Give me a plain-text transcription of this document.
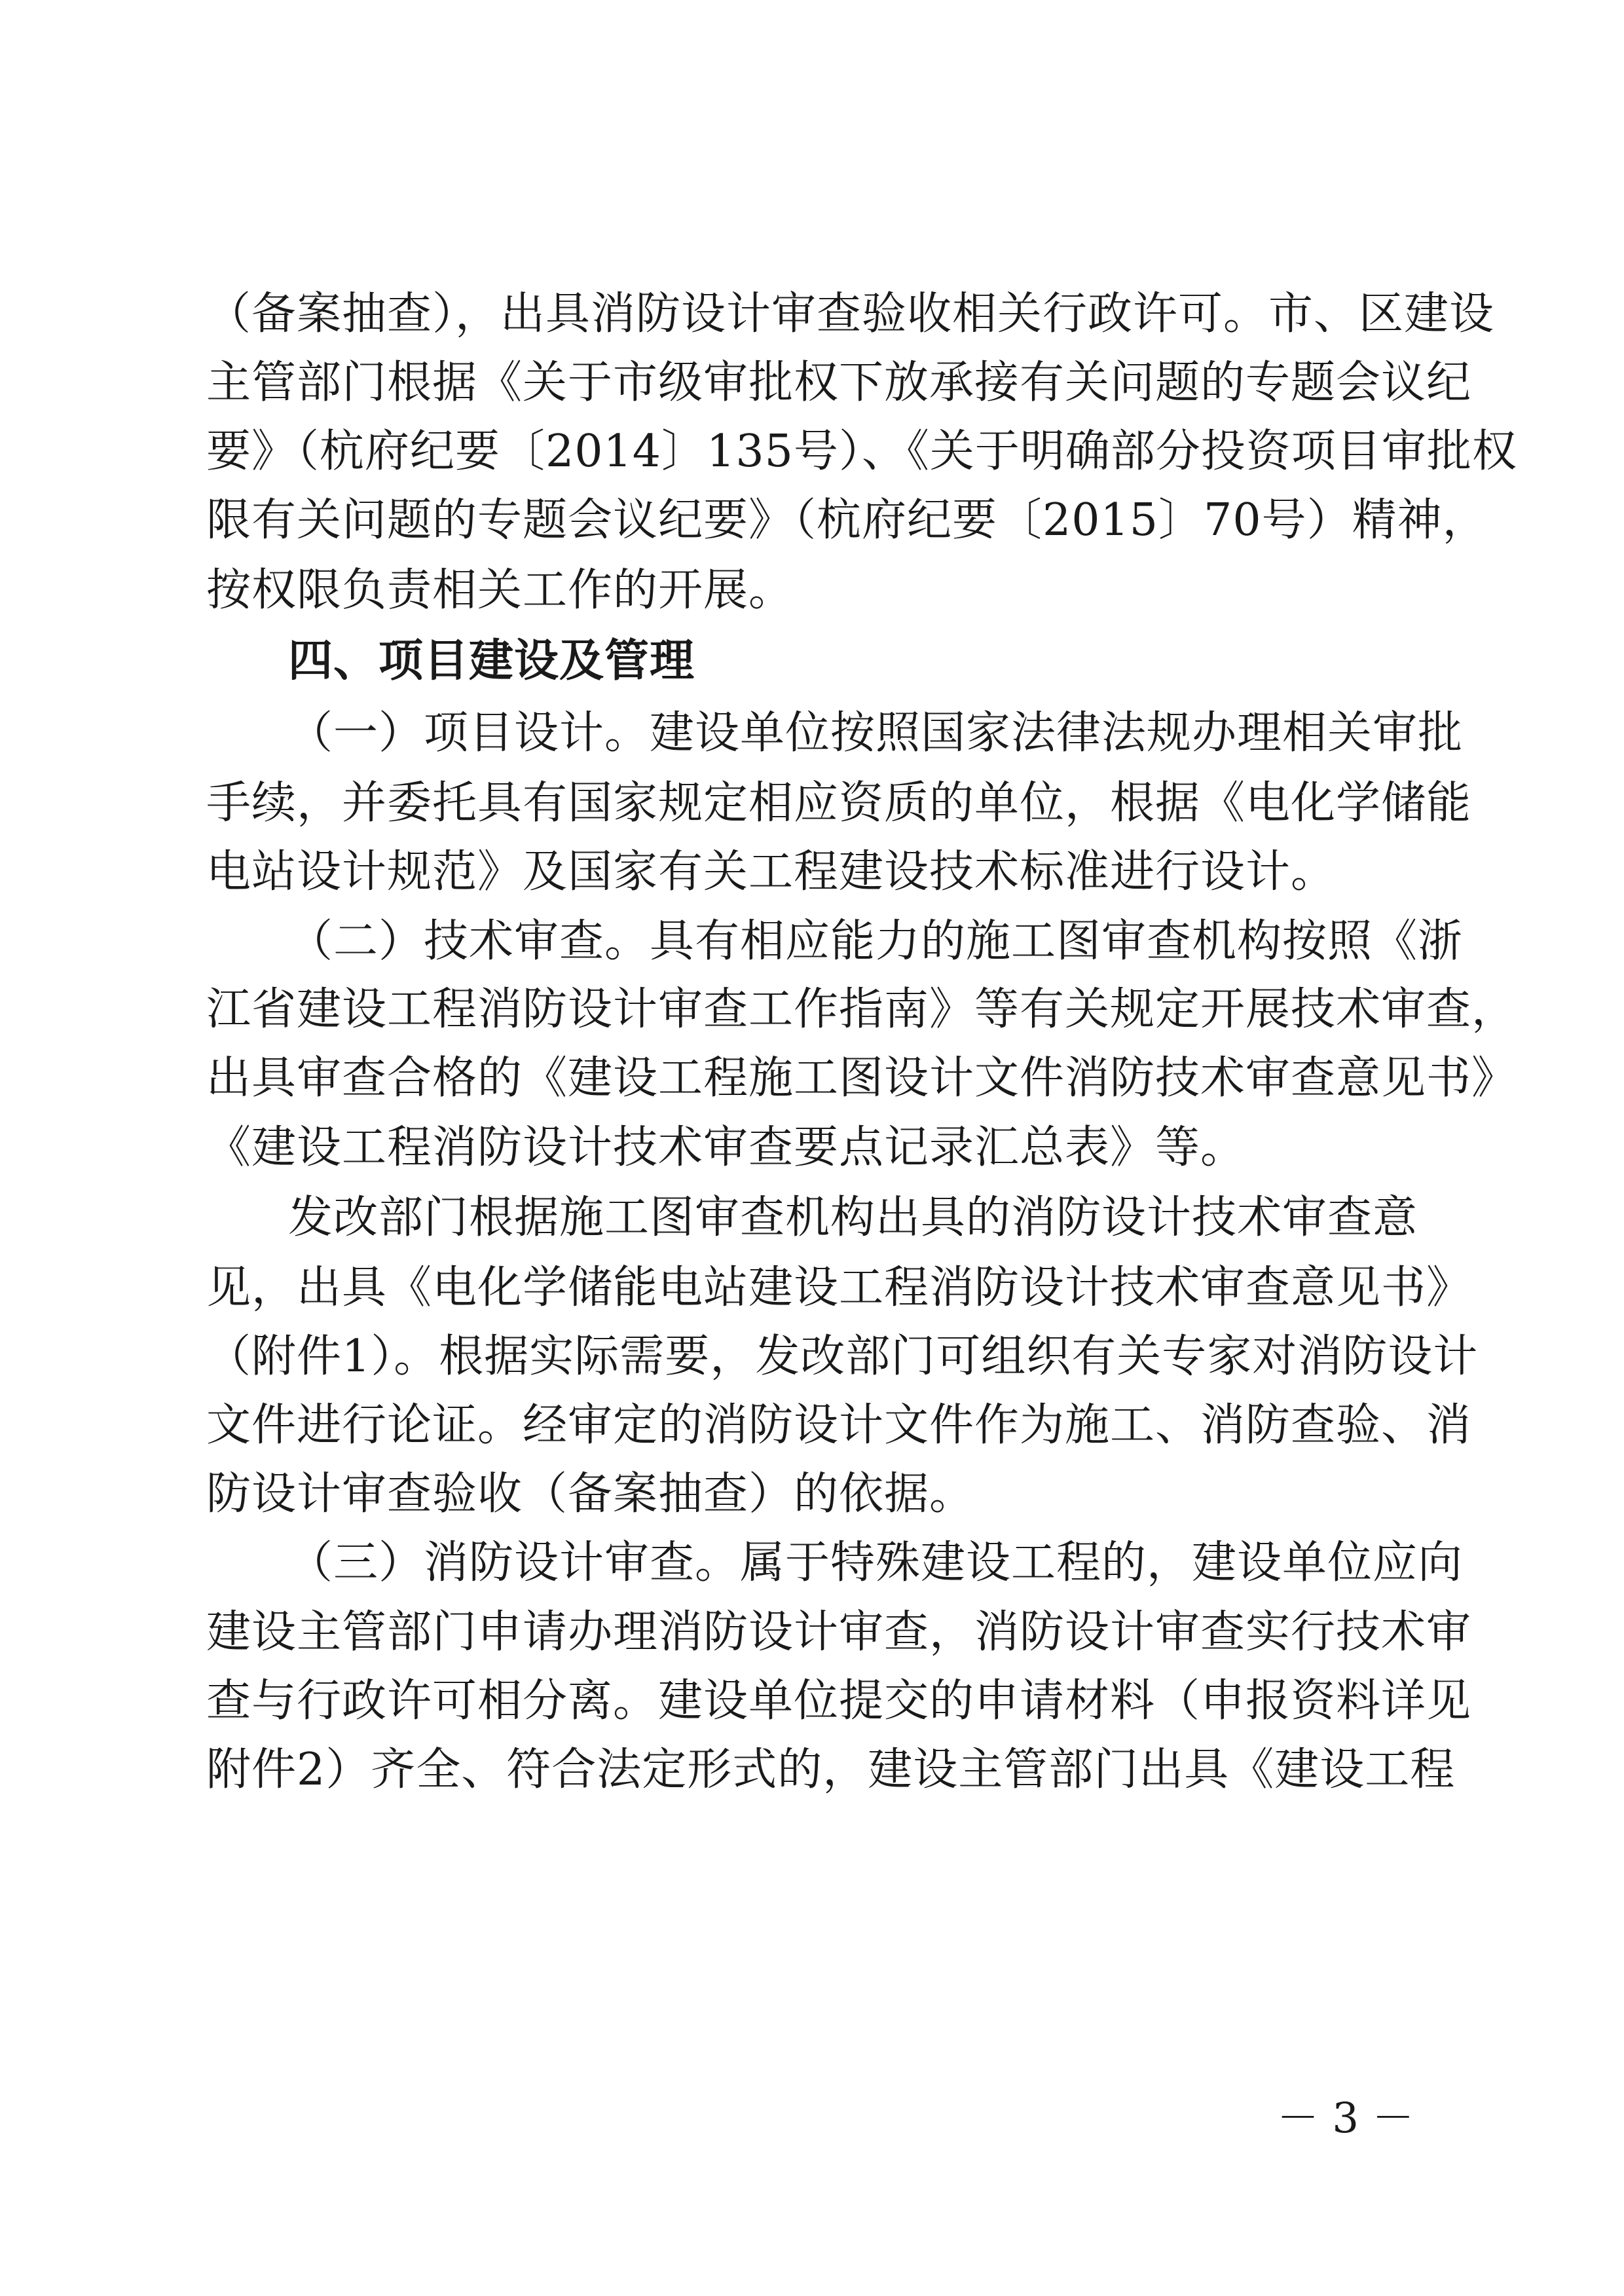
（备案抽查），出具消防设计审查验收相关行政许可。市、区建设
主管部门根据《关于市级审批权下放承接有关问题的专题会议纪
要》（杭府纪要〔2014〕135号）、《关于明确部分投资项目审批权
限有关问题的专题会议纪要》（杭府纪要〔2015〕70号）精神，
按权限负责相关工作的开展。
四、项目建设及管理
（一）项目设计。建设单位按照国家法律法规办理相关审批
手续，并委托具有国家规定相应资质的单位，根据《电化学储能
电站设计规范》及国家有关工程建设技术标准进行设计。
（二）技术审查。具有相应能力的施工图审查机构按照《浙
江省建设工程消防设计审查工作指南》等有关规定开展技术审查，
出具审查合格的《建设工程施工图设计文件消防技术审查意见书》
《建设工程消防设计技术审查要点记录汇总表》等。
发改部门根据施工图审查机构出具的消防设计技术审查意
见，出具《电化学储能电站建设工程消防设计技术审查意见书》
（附件1）。根据实际需要，发改部门可组织有关专家对消防设计
文件进行论证。经审定的消防设计文件作为施工、消防查验、消
防设计审查验收（备案抽查）的依据。
（三）消防设计审查。属于特殊建设工程的，建设单位应向
建设主管部门申请办理消防设计审查，消防设计审查实行技术审
查与行政许可相分离。建设单位提交的申请材料（申报资料详见
附件2）齐全、符合法定形式的，建设主管部门出具《建设工程
－ 3 －
